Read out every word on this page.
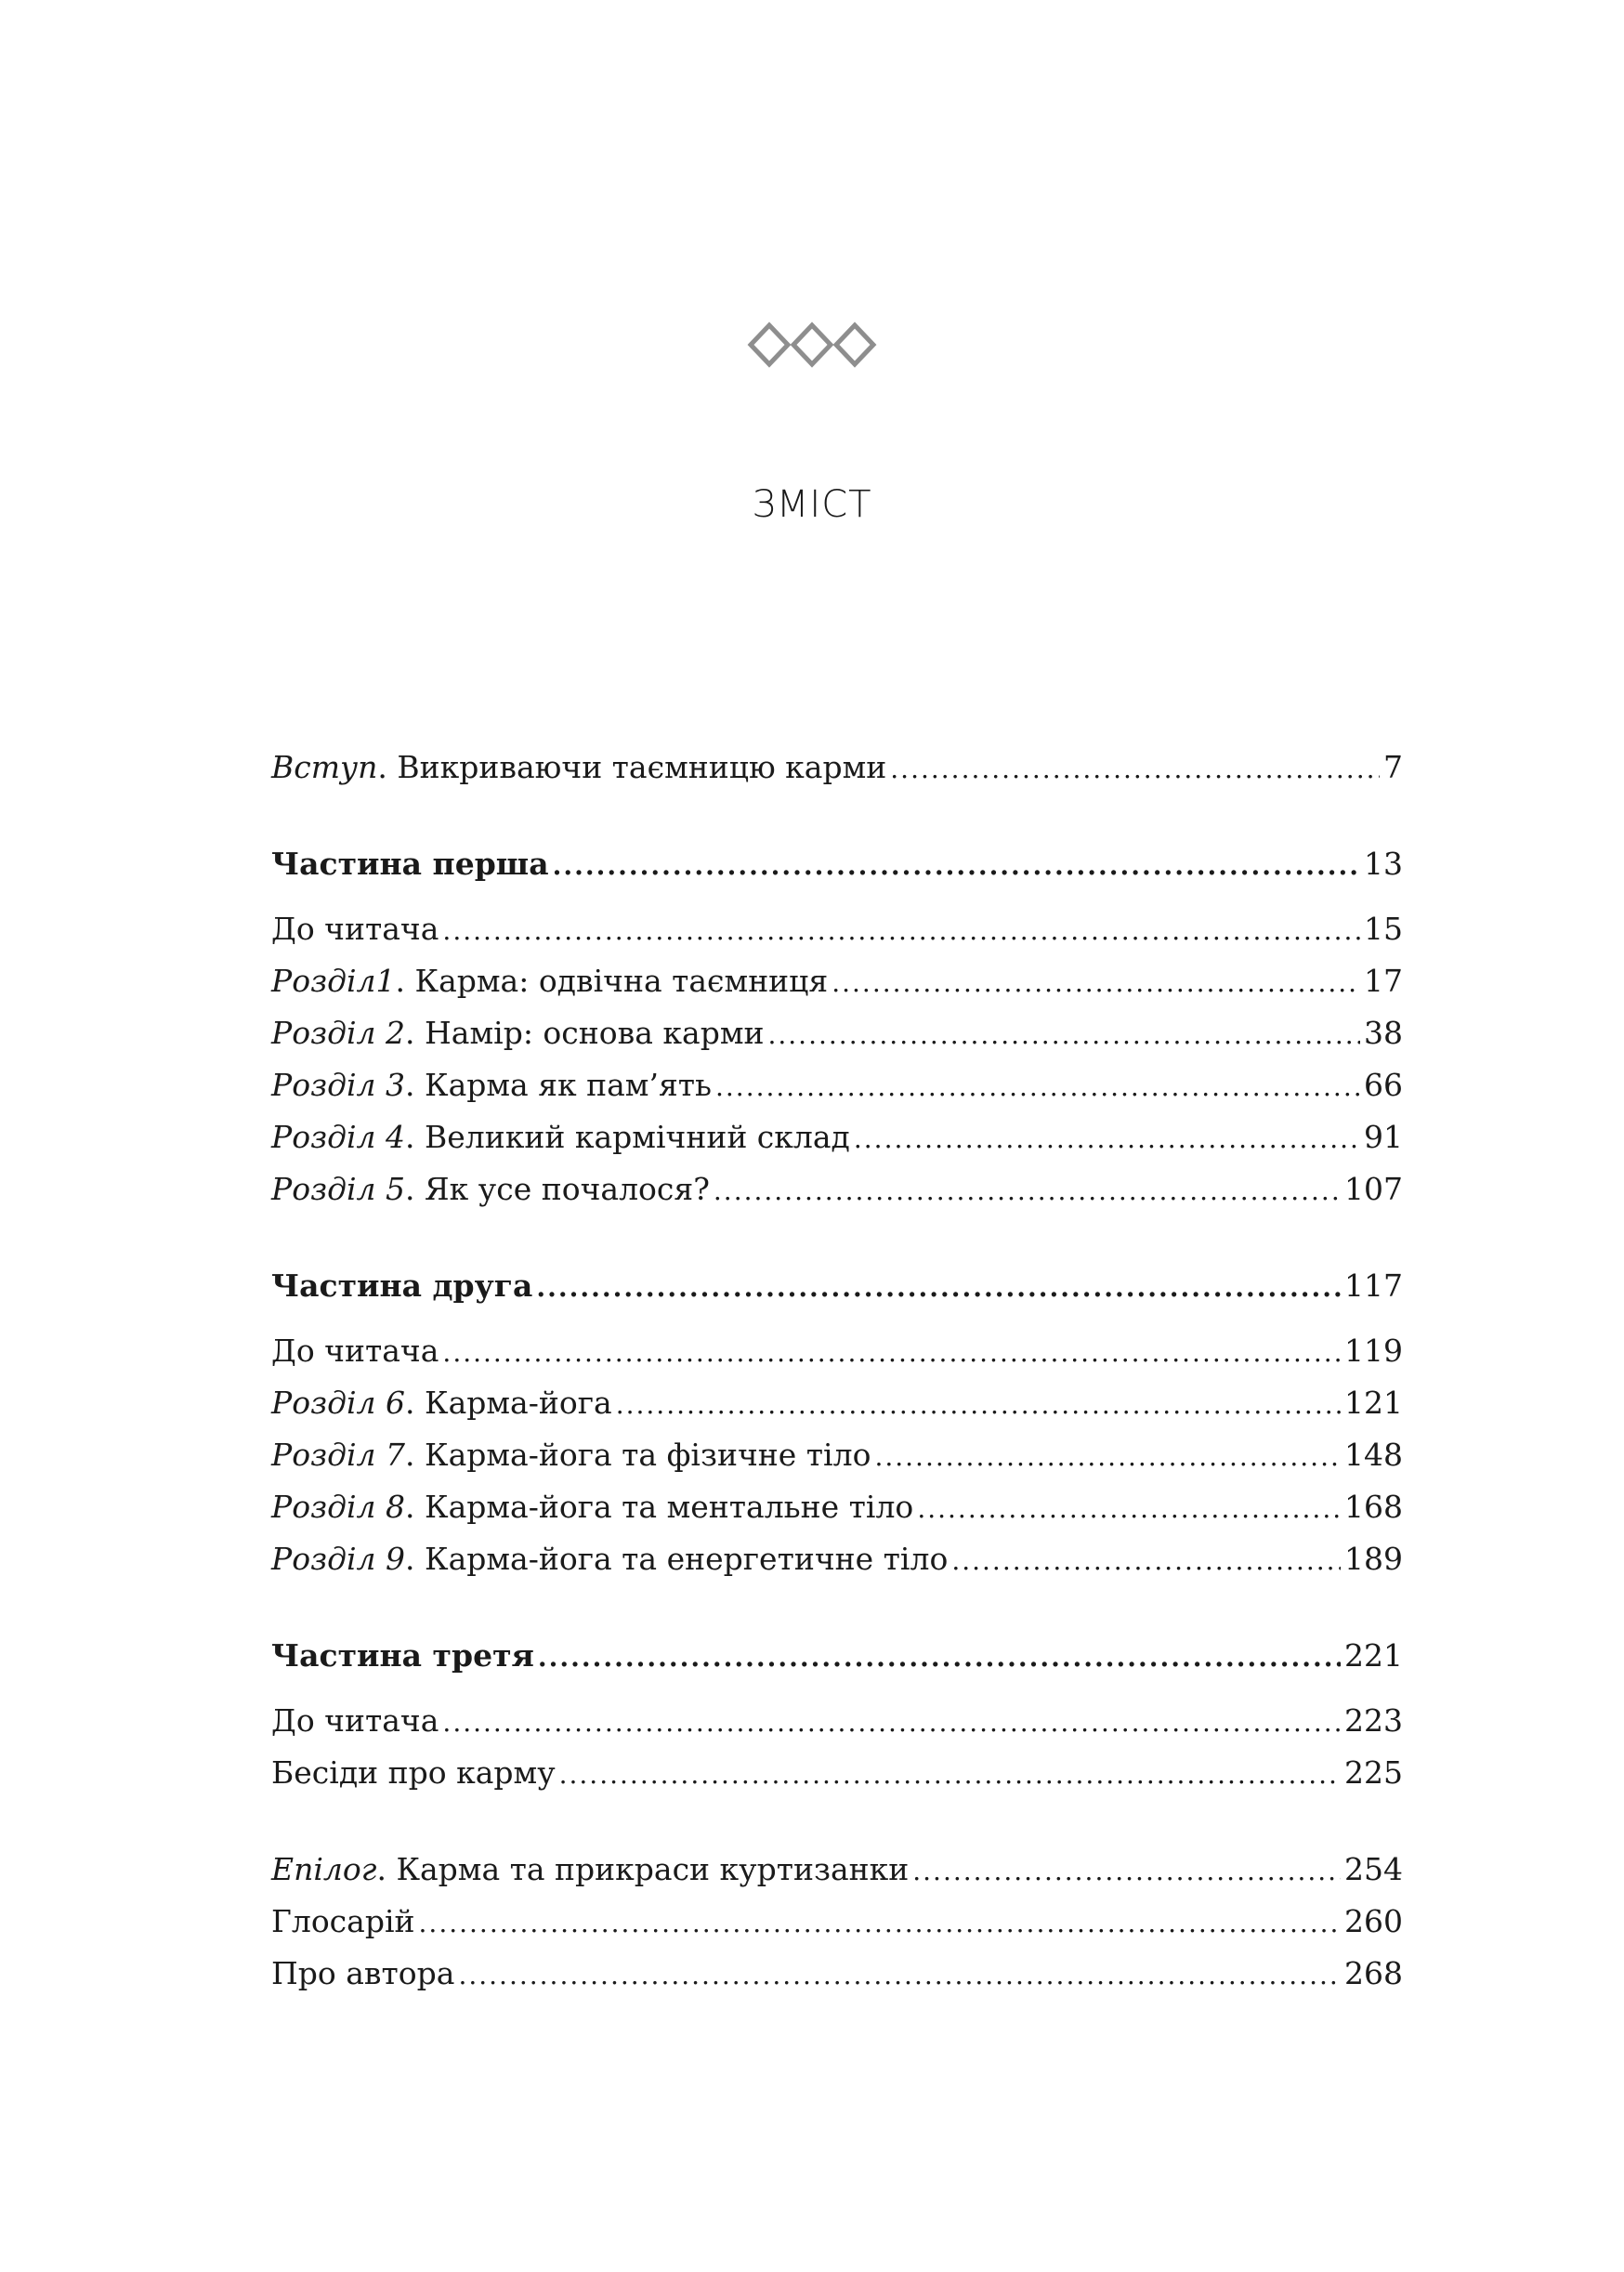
ЗМІСТ
Вступ. Викриваючи таємницю карми .....	7
Частина перша .....	13
До читача .....	15
Розділ1. Карма: одвічна таємниця .....	17
Розділ 2. Намір: основа карми .....	38
Розділ 3. Карма як пам’ять .....	66
Розділ 4. Великий кармічний склад .....	91
Розділ 5. Як усе почалося? .....	107
Частина друга .....	117
До читача .....	119
Розділ 6. Карма-йога .....	121
Розділ 7. Карма-йога та фізичне тіло .....	148
Розділ 8. Карма-йога та ментальне тіло .....	168
Розділ 9. Карма-йога та енергетичне тіло .....	189
Частина третя .....	221
До читача .....	223
Бесіди про карму .....	225
Епілог. Карма та прикраси куртизанки .....	254
Глосарій .....	260
Про автора .....	268
